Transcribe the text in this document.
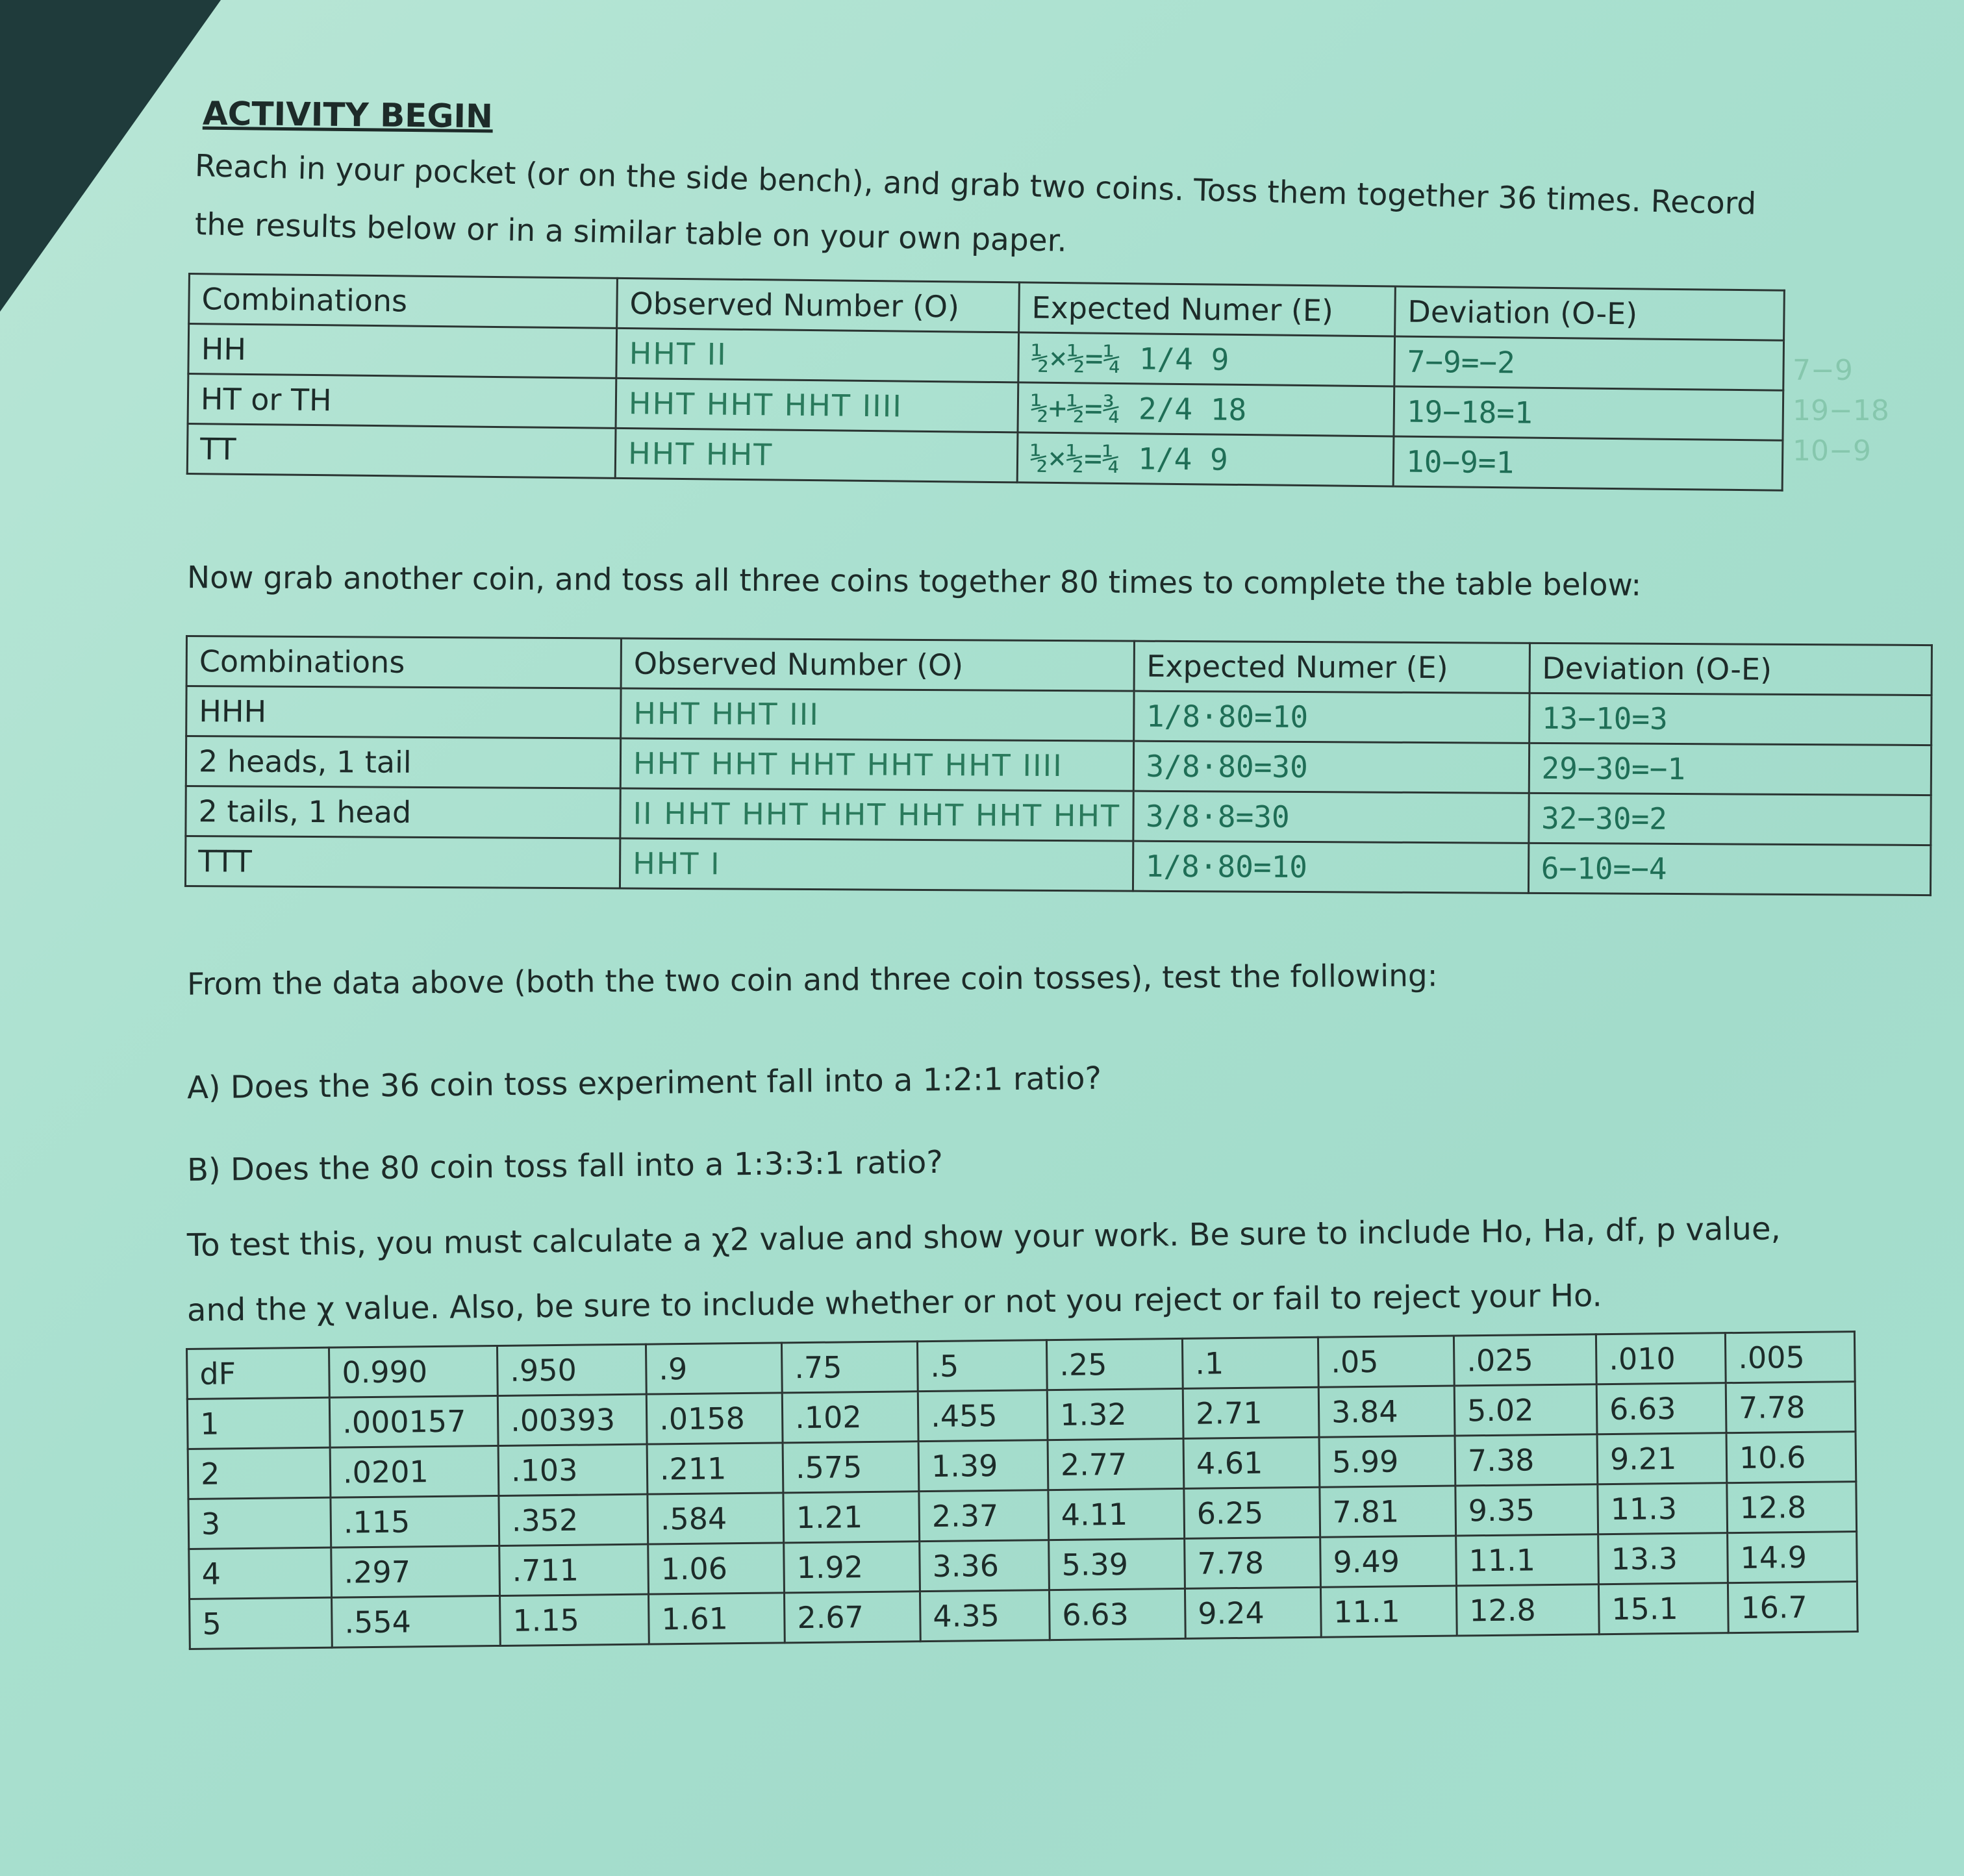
ACTIVITY BEGIN
Reach in your pocket (or on the side bench), and grab two coins. Toss them together 36 times. Record
the results below or in a similar table on your own paper.
Combinations	Observed Number (O)	Expected Numer (E)	Deviation (O-E)
HH	HHT II	½×½=¼ 1/4 9	7−9=−2
HT or TH	HHT HHT HHT IIII	½+½=¾ 2/4 18	19−18=1
TT	HHT HHT	½×½=¼ 1/4 9	10−9=1
7−9
19−18
10−9
Now grab another coin, and toss all three coins together 80 times to complete the table below:
Combinations	Observed Number (O)	Expected Numer (E)	Deviation (O-E)
HHH	HHT HHT III	1/8·80=10	13−10=3
2 heads, 1 tail	HHT HHT HHT HHT HHT IIII	3/8·80=30	29−30=−1
2 tails, 1 head	II HHT HHT HHT HHT HHT HHT	3/8·8=30	32−30=2
TTT	HHT I	1/8·80=10	6−10=−4
From the data above (both the two coin and three coin tosses), test the following:
A) Does the 36 coin toss experiment fall into a 1:2:1 ratio?
B) Does the 80 coin toss fall into a 1:3:3:1 ratio?
To test this, you must calculate a χ2 value and show your work. Be sure to include Ho, Ha, df, p value,
and the χ value. Also, be sure to include whether or not you reject or fail to reject your Ho.
dF	0.990	.950	.9	.75	.5	.25	.1	.05	.025	.010	.005
1	.000157	.00393	.0158	.102	.455	1.32	2.71	3.84	5.02	6.63	7.78
2	.0201	.103	.211	.575	1.39	2.77	4.61	5.99	7.38	9.21	10.6
3	.115	.352	.584	1.21	2.37	4.11	6.25	7.81	9.35	11.3	12.8
4	.297	.711	1.06	1.92	3.36	5.39	7.78	9.49	11.1	13.3	14.9
5	.554	1.15	1.61	2.67	4.35	6.63	9.24	11.1	12.8	15.1	16.7
